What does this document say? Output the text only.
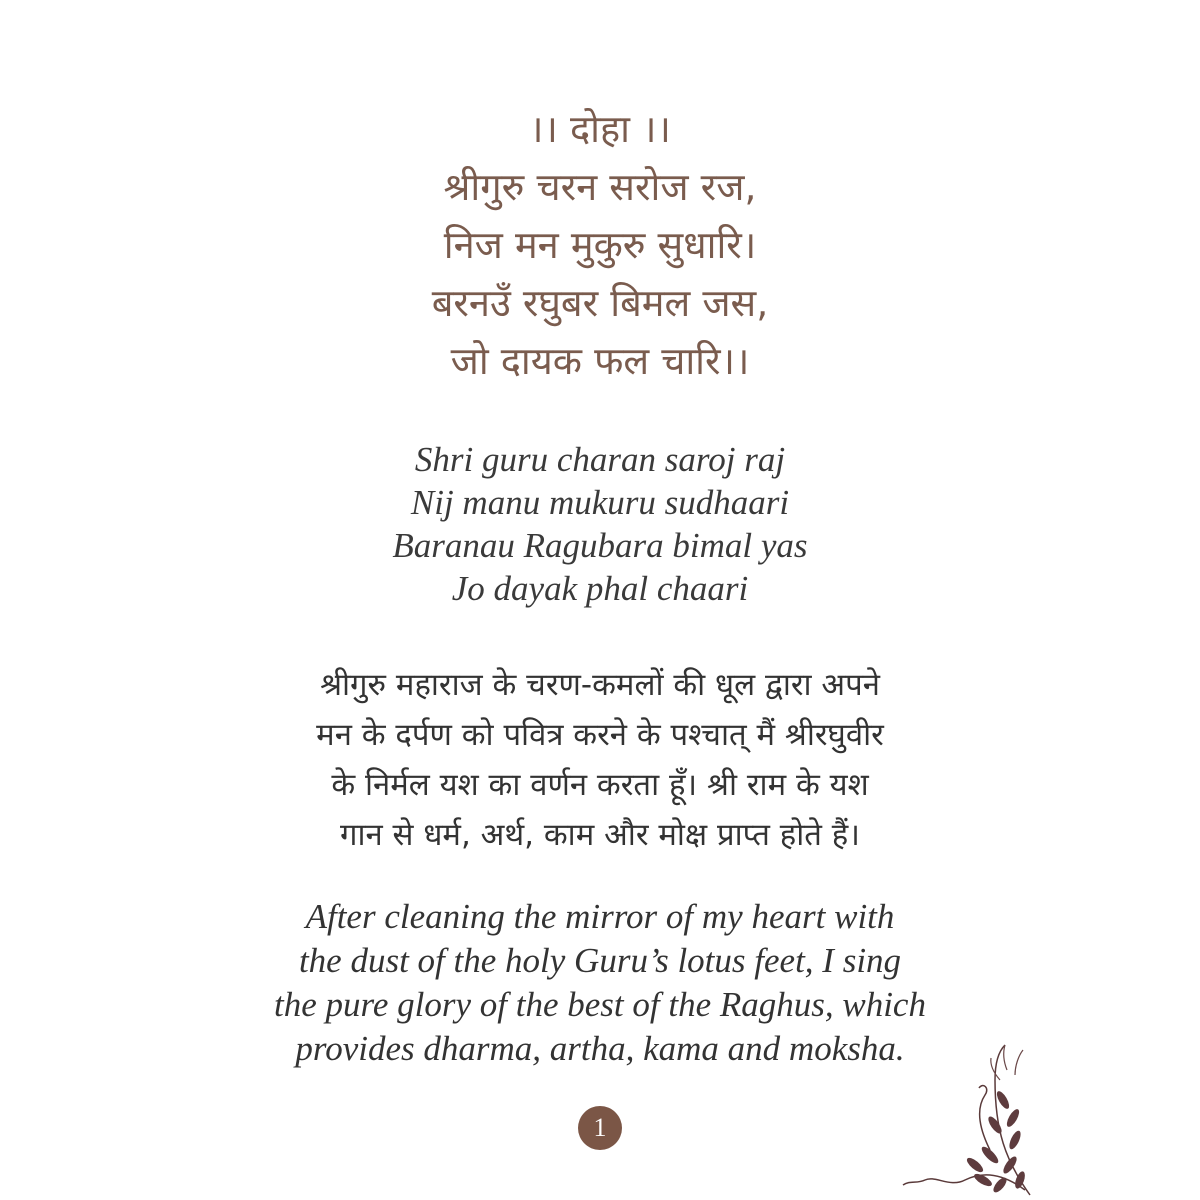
।। दोहा ।।
श्रीगुरु चरन सरोज रज,
निज मन मुकुरु सुधारि।
बरनउँ रघुबर बिमल जस,
जो दायक फल चारि।।
Shri guru charan saroj raj
Nij manu mukuru sudhaari
Baranau Ragubara bimal yas
Jo dayak phal chaari
श्रीगुरु महाराज के चरण-कमलों की धूल द्वारा अपने
मन के दर्पण को पवित्र करने के पश्चात् मैं श्रीरघुवीर
के निर्मल यश का वर्णन करता हूँ। श्री राम के यश
गान से धर्म, अर्थ, काम और मोक्ष प्राप्त होते हैं।
After cleaning the mirror of my heart with
the dust of the holy Guru’s lotus feet, I sing
the pure glory of the best of the Raghus, which
provides dharma, artha, kama and moksha.
1
